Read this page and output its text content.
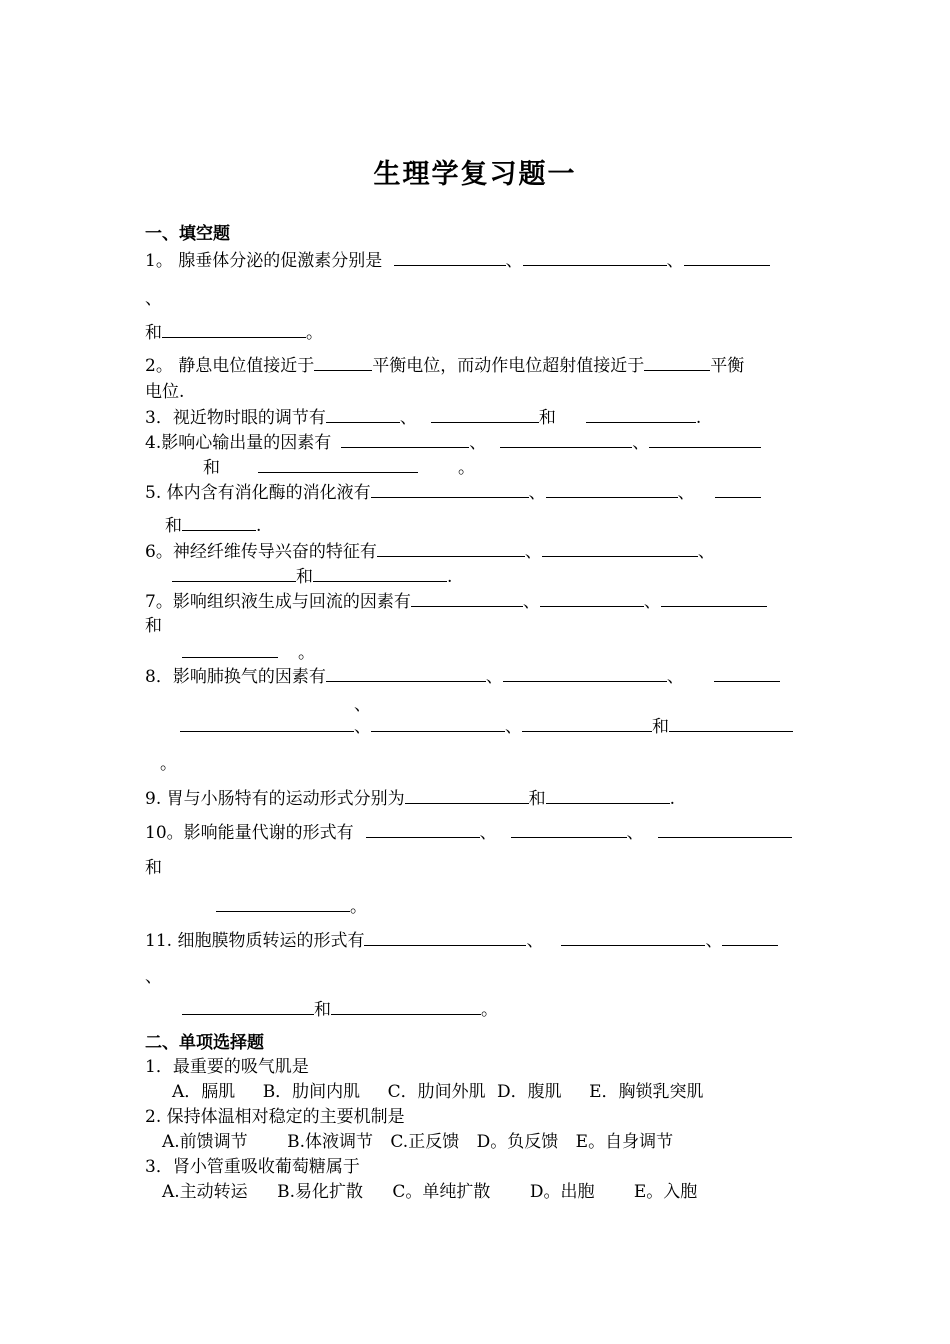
生理学复习题一
一、填空题
1。 腺垂体分泌的促激素分别是	、	、
、
和	。
2。 静息电位值接近于	平衡电位，而动作电位超射值接近于	平衡
电位.
3．视近物时眼的调节有	、	和	.
4.影响心输出量的因素有	、	、
和	。
5. 体内含有消化酶的消化液有	、	、
和	.
6。神经纤维传导兴奋的特征有	、	、
和	.
7。影响组织液生成与回流的因素有	、	、
和
。
8．影响肺换气的因素有	、	、
、
、	、	和
。
9. 胃与小肠特有的运动形式分别为	和	.
10。影响能量代谢的形式有	、	、
和
。
11. 细胞膜物质转运的形式有	、	、
、
和	。
二、单项选择题
1．最重要的吸气肌是
A．膈肌 B．肋间内肌 C．肋间外肌 D．腹肌 E．胸锁乳突肌
2. 保持体温相对稳定的主要机制是
A.前馈调节 B.体液调节 C.正反馈 D。负反馈 E。自身调节
3．肾小管重吸收葡萄糖属于
A.主动转运 B.易化扩散 C。单纯扩散 D。出胞 E。入胞
